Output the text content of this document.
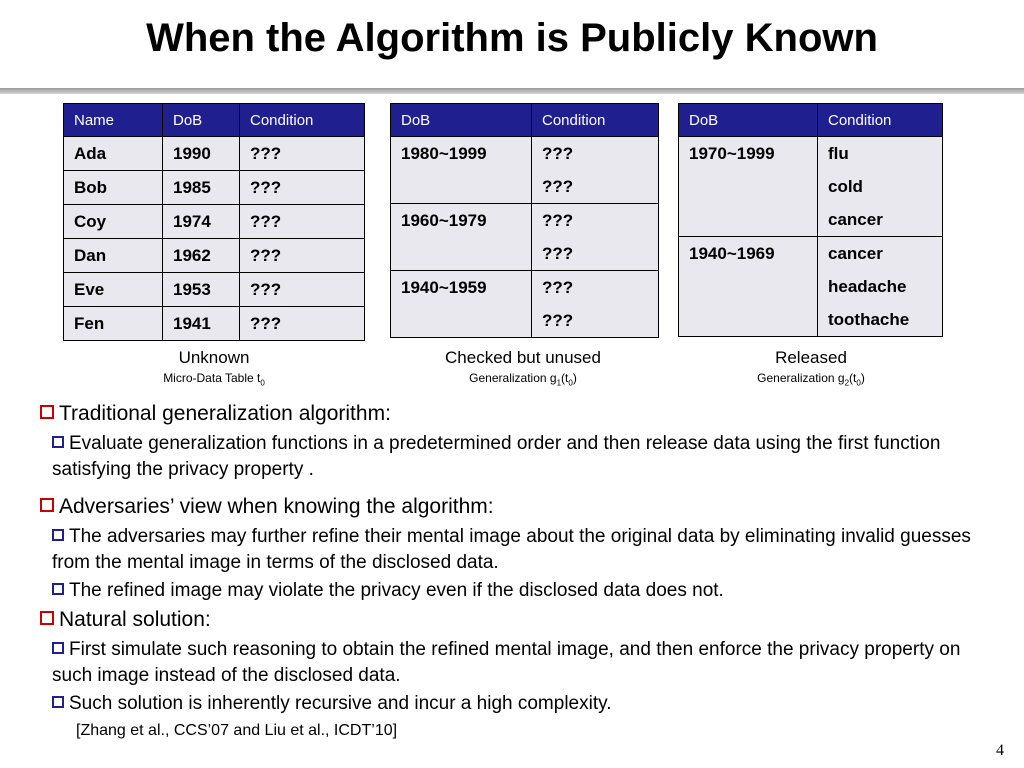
When the Algorithm is Publicly Known
Name	DoB	Condition
Ada	1990	???
Bob	1985	???
Coy	1974	???
Dan	1962	???
Eve	1953	???
Fen	1941	???
DoB	Condition
1980~1999	???
	???
1960~1979	???
	???
1940~1959	???
	???
DoB	Condition
1970~1999	flu
	cold
	cancer
1940~1969	cancer
	headache
	toothache
Unknown
Micro-Data Table $t_0$
Checked but unused
Generalization $g_1(t_0)$
Released
Generalization $g_2(t_0)$
Traditional generalization algorithm:
Evaluate generalization functions in a predetermined order and then release data using the first function satisfying the privacy property .
Adversaries’ view when knowing the algorithm:
The adversaries may further refine their mental image about the original data by eliminating invalid guesses from the mental image in terms of the disclosed data.
The refined image may violate the privacy even if the disclosed data does not.
Natural solution:
First simulate such reasoning to obtain the refined mental image, and then enforce the privacy property on such image instead of the disclosed data.
Such solution is inherently recursive and incur a high complexity.
[Zhang et al., CCS’07 and Liu et al., ICDT’10]
4
